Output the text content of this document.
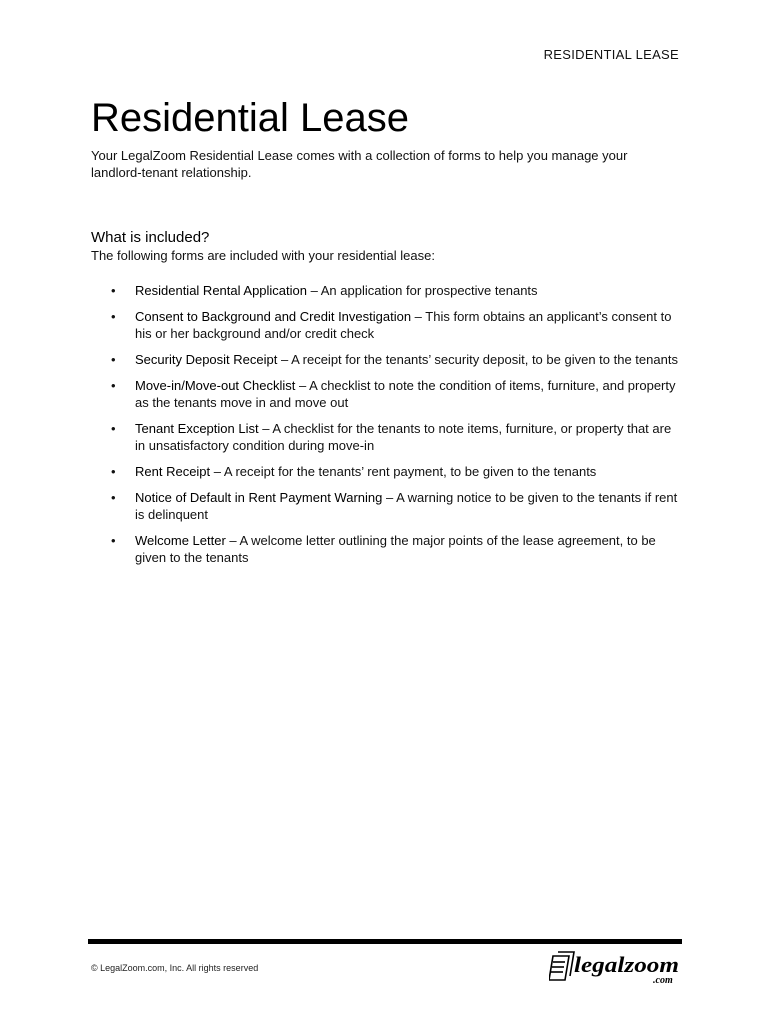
RESIDENTIAL LEASE
Residential Lease

Your LegalZoom Residential Lease comes with a collection of forms to help you manage your landlord-tenant relationship.

What is included?

The following forms are included with your residential lease:

• Residential Rental Application – An application for prospective tenants
• Consent to Background and Credit Investigation – This form obtains an applicant’s consent to his or her background and/or credit check
• Security Deposit Receipt – A receipt for the tenants’ security deposit, to be given to the tenants
• Move-in/Move-out Checklist – A checklist to note the condition of items, furniture, and property as the tenants move in and move out
• Tenant Exception List – A checklist for the tenants to note items, furniture, or property that are in unsatisfactory condition during move-in
• Rent Receipt – A receipt for the tenants’ rent payment, to be given to the tenants
• Notice of Default in Rent Payment Warning – A warning notice to be given to the tenants if rent is delinquent
• Welcome Letter – A welcome letter outlining the major points of the lease agreement, to be given to the tenants
© LegalZoom.com, Inc. All rights reserved	legalzoom
.com
